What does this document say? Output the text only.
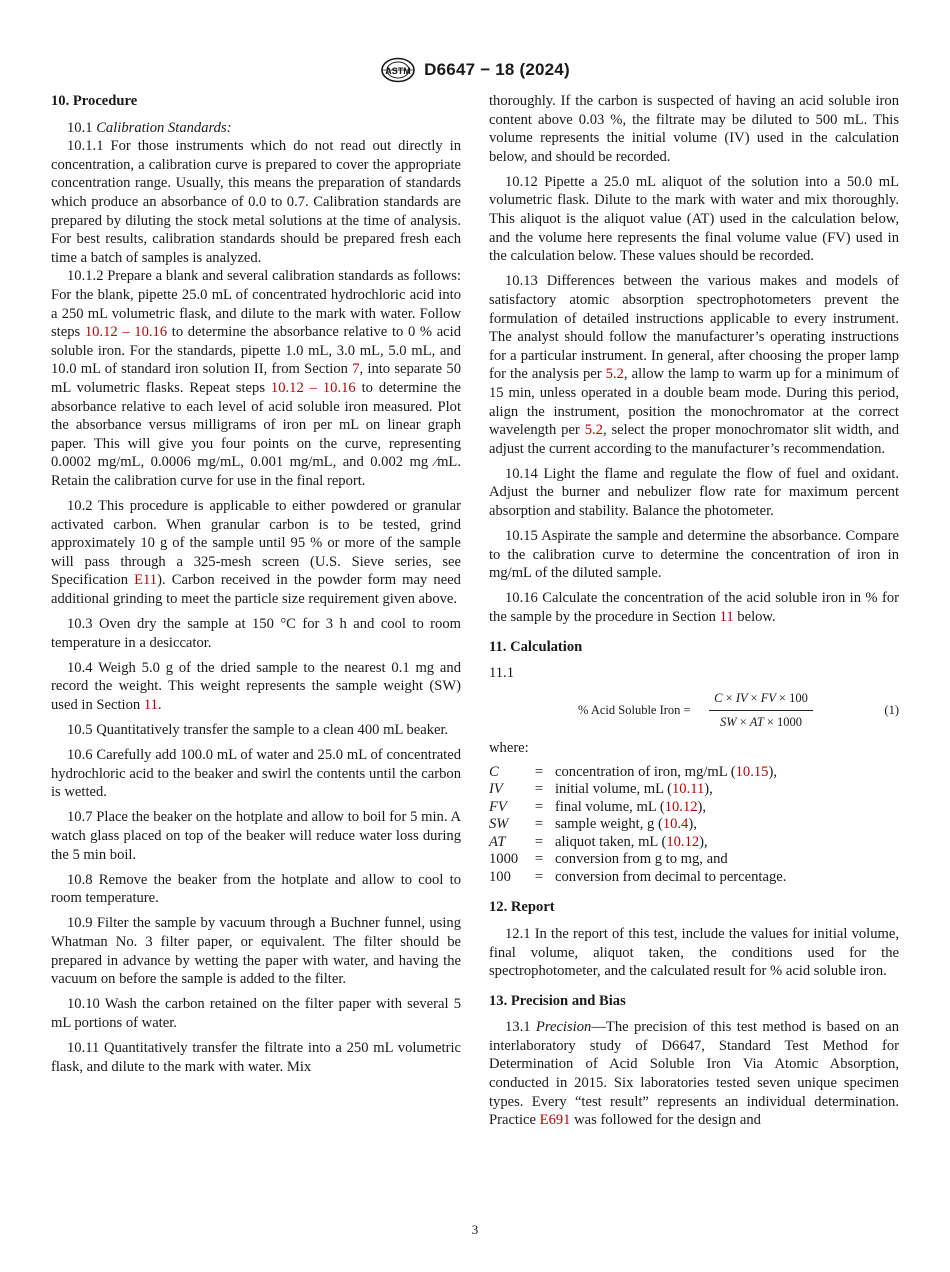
ASTM D6647 − 18 (2024)
10. Procedure

10.1 Calibration Standards:

10.1.1 For those instruments which do not read out directly in concentration, a calibration curve is prepared to cover the appropriate concentration range. Usually, this means the preparation of standards which produce an absorbance of 0.0 to 0.7. Calibration standards are prepared by diluting the stock metal solutions at the time of analysis. For best results, calibration standards should be prepared fresh each time a batch of samples is analyzed.

10.1.2 Prepare a blank and several calibration standards as follows: For the blank, pipette 25.0 mL of concentrated hydrochloric acid into a 250 mL volumetric flask, and dilute to the mark with water. Follow steps 10.12 – 10.16 to determine the absorbance relative to 0 % acid soluble iron. For the standards, pipette 1.0 mL, 3.0 mL, 5.0 mL, and 10.0 mL of standard iron solution II, from Section 7, into separate 50 mL volumetric flasks. Repeat steps 10.12 – 10.16 to determine the absorbance relative to each level of acid soluble iron measured. Plot the absorbance versus milligrams of iron per mL on linear graph paper. This will give you four points on the curve, representing 0.0002 mg/mL, 0.0006 mg/mL, 0.001 mg/mL, and 0.002 mg ⁄mL. Retain the calibration curve for use in the final report.

10.2 This procedure is applicable to either powdered or granular activated carbon. When granular carbon is to be tested, grind approximately 10 g of the sample until 95 % or more of the sample will pass through a 325-mesh screen (U.S. Sieve series, see Specification E11). Carbon received in the powder form may need additional grinding to meet the particle size requirement given above.

10.3 Oven dry the sample at 150 °C for 3 h and cool to room temperature in a desiccator.

10.4 Weigh 5.0 g of the dried sample to the nearest 0.1 mg and record the weight. This weight represents the sample weight (SW) used in Section 11.

10.5 Quantitatively transfer the sample to a clean 400 mL beaker.

10.6 Carefully add 100.0 mL of water and 25.0 mL of concentrated hydrochloric acid to the beaker and swirl the contents until the carbon is wetted.

10.7 Place the beaker on the hotplate and allow to boil for 5 min. A watch glass placed on top of the beaker will reduce water loss during the 5 min boil.

10.8 Remove the beaker from the hotplate and allow to cool to room temperature.

10.9 Filter the sample by vacuum through a Buchner funnel, using Whatman No. 3 filter paper, or equivalent. The filter should be prepared in advance by wetting the paper with water, and having the vacuum on before the sample is added to the filter.

10.10 Wash the carbon retained on the filter paper with several 5 mL portions of water.

10.11 Quantitatively transfer the filtrate into a 250 mL volumetric flask, and dilute to the mark with water. Mix

thoroughly. If the carbon is suspected of having an acid soluble iron content above 0.03 %, the filtrate may be diluted to 500 mL. This volume represents the initial volume (IV) used in the calculation below, and should be recorded.

10.12 Pipette a 25.0 mL aliquot of the solution into a 50.0 mL volumetric flask. Dilute to the mark with water and mix thoroughly. This aliquot is the aliquot value (AT) used in the calculation below, and the volume here represents the final volume value (FV) used in the calculation below. These values should be recorded.

10.13 Differences between the various makes and models of satisfactory atomic absorption spectrophotometers prevent the formulation of detailed instructions applicable to every instrument. The analyst should follow the manufacturer’s operating instructions for a particular instrument. In general, after choosing the proper lamp for the analysis per 5.2, allow the lamp to warm up for a minimum of 15 min, unless operated in a double beam mode. During this period, align the instrument, position the monochromator at the correct wavelength per 5.2, select the proper monochromator slit width, and adjust the current according to the manufacturer’s recommendation.

10.14 Light the flame and regulate the flow of fuel and oxidant. Adjust the burner and nebulizer flow rate for maximum percent absorption and stability. Balance the photometer.

10.15 Aspirate the sample and determine the absorbance. Compare to the calibration curve to determine the concentration of iron in mg/mL of the diluted sample.

10.16 Calculate the concentration of the acid soluble iron in % for the sample by the procedure in Section 11 below.

11. Calculation

11.1

% Acid Soluble Iron = $\frac{C \times IV \times FV \times 100}{SW \times AT \times 1000}$	(1)

where:

C	= concentration of iron, mg/mL (10.15),
IV	= initial volume, mL (10.11),
FV	= final volume, mL (10.12),
SW	= sample weight, g (10.4),
AT	= aliquot taken, mL (10.12),
1000	= conversion from g to mg, and
100	= conversion from decimal to percentage.
12. Report

12.1 In the report of this test, include the values for initial volume, final volume, aliquot taken, the conditions used for the spectrophotometer, and the calculated result for % acid soluble iron.

13. Precision and Bias

13.1 Precision—The precision of this test method is based on an interlaboratory study of D6647, Standard Test Method for Determination of Acid Soluble Iron Via Atomic Absorption, conducted in 2015. Six laboratories tested seven unique specimen types. Every “test result” represents an individual determination. Practice E691 was followed for the design and

3
